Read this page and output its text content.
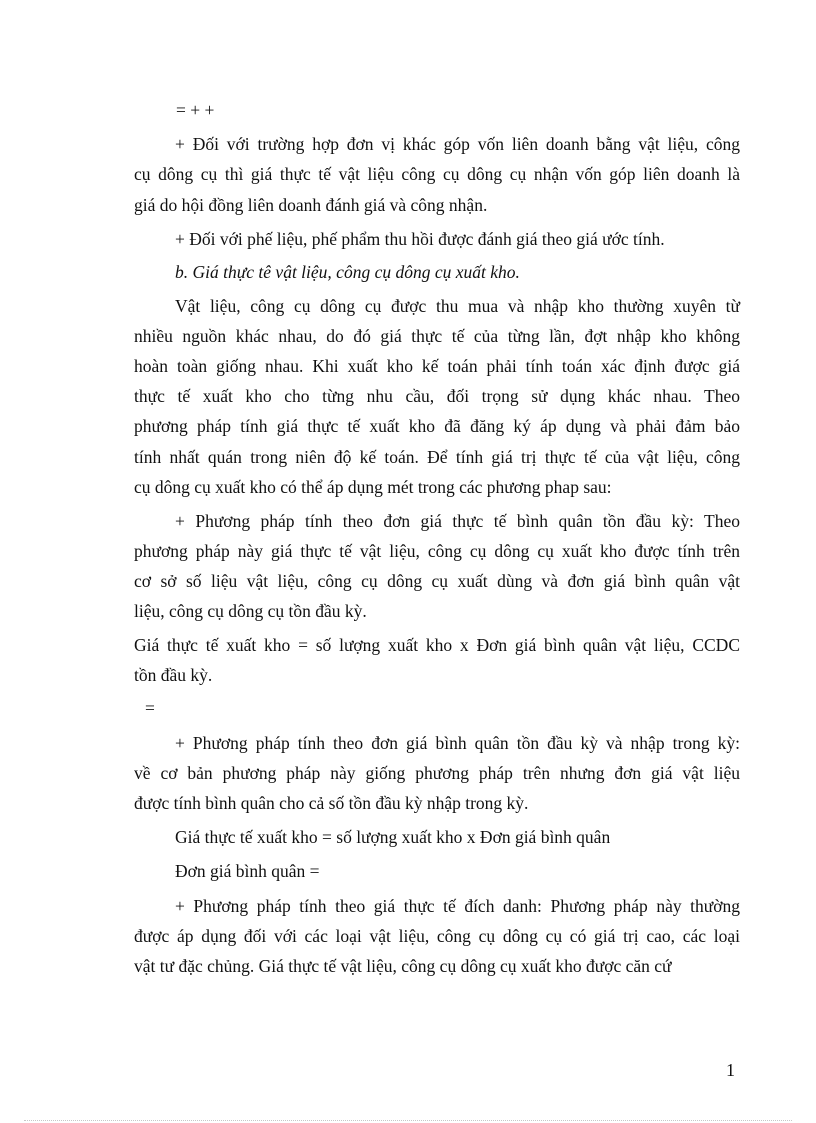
= + +

+ Đối với trường hợp đơn vị khác góp vốn liên doanh bằng vật liệu, công

cụ dông cụ thì giá thực tế vật liệu công cụ dông cụ nhận vốn góp liên doanh là

giá do hội đồng liên doanh đánh giá và công nhận.

+ Đối với phế liệu, phế phẩm thu hồi được đánh giá theo giá ước tính.

b. Giá thực tê vật liệu, công cụ dông cụ xuất kho.

Vật liệu, công cụ dông cụ được thu mua và nhập kho thường xuyên từ

nhiều nguồn khác nhau, do đó giá thực tế của từng lần, đợt nhập kho không

hoàn toàn giống nhau. Khi xuất kho kế toán phải tính toán xác định được giá

thực tế xuất kho cho từng nhu cầu, đối trọng sử dụng khác nhau. Theo

phương pháp tính giá thực tế xuất kho đã đăng ký áp dụng và phải đảm bảo

tính nhất quán trong niên độ kế toán. Để tính giá trị thực tế của vật liệu, công

cụ dông cụ xuất kho có thể áp dụng mét trong các phương phap sau:

+ Phương pháp tính theo đơn giá thực tế bình quân tồn đầu kỳ: Theo

phương pháp này giá thực tế vật liệu, công cụ dông cụ xuất kho được tính trên

cơ sở số liệu vật liệu, công cụ dông cụ xuất dùng và đơn giá bình quân vật

liệu, công cụ dông cụ tồn đầu kỳ.

Giá thực tế xuất kho = số lượng xuất kho x Đơn giá bình quân vật liệu, CCDC

tồn đầu kỳ.

=

+ Phương pháp tính theo đơn giá bình quân tồn đầu kỳ và nhập trong kỳ:

về cơ bản phương pháp này giống phương pháp trên nhưng đơn giá vật liệu

được tính bình quân cho cả số tồn đầu kỳ nhập trong kỳ.

Giá thực tế xuất kho = số lượng xuất kho x Đơn giá bình quân

Đơn giá bình quân =

+ Phương pháp tính theo giá thực tế đích danh: Phương pháp này thường

được áp dụng đối với các loại vật liệu, công cụ dông cụ có giá trị cao, các loại

vật tư đặc chủng. Giá thực tế vật liệu, công cụ dông cụ xuất kho được căn cứ

1
